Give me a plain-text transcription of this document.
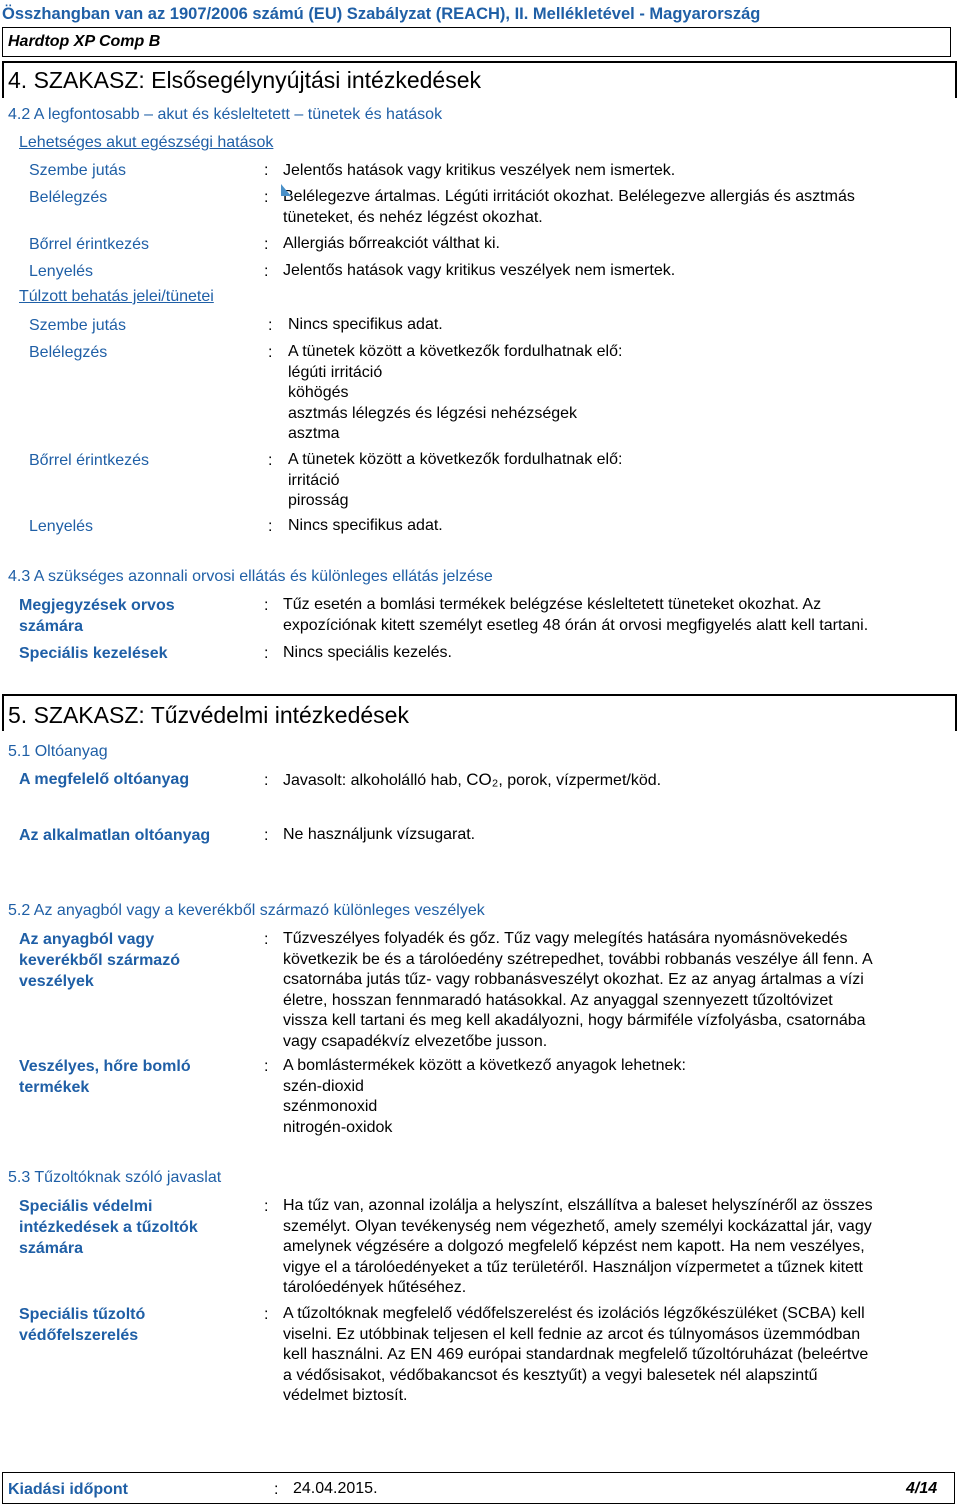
Összhangban van az 1907/2006 számú (EU) Szabályzat (REACH), II. Mellékletével - Magyarország
Hardtop XP Comp B
4. SZAKASZ: Elsősegélynyújtási intézkedések
4.2 A legfontosabb – akut és késleltetett – tünetek és hatások
Lehetséges akut egészségi hatások
Szembe jutás	: Jelentős hatások vagy kritikus veszélyek nem ismertek.
Belélegzés	: Belélegezve ártalmas. Légúti irritációt okozhat. Belélegezve allergiás és asztmás
tüneteket, és nehéz légzést okozhat.
Bőrrel érintkezés	: Allergiás bőrreakciót válthat ki.
Lenyelés	: Jelentős hatások vagy kritikus veszélyek nem ismertek.
Túlzott behatás jelei/tünetei
Szembe jutás	: Nincs specifikus adat.
Belélegzés	: A tünetek között a következők fordulhatnak elő:
légúti irritáció
köhögés
asztmás lélegzés és légzési nehézségek
asztma
Bőrrel érintkezés	: A tünetek között a következők fordulhatnak elő:
irritáció
pirosság
Lenyelés	: Nincs specifikus adat.
4.3 A szükséges azonnali orvosi ellátás és különleges ellátás jelzése
Megjegyzések orvos
számára
: Tűz esetén a bomlási termékek belégzése késleltetett tüneteket okozhat. Az
expozíciónak kitett személyt esetleg 48 órán át orvosi megfigyelés alatt kell tartani.
Speciális kezelések	: Nincs speciális kezelés.
5. SZAKASZ: Tűzvédelmi intézkedések
5.1 Oltóanyag
A megfelelő oltóanyag	: Javasolt: alkoholálló hab, CO₂, porok, vízpermet/köd.
Az alkalmatlan oltóanyag	: Ne használjunk vízsugarat.
5.2 Az anyagból vagy a keverékből származó különleges veszélyek
Az anyagból vagy
keverékből származó
veszélyek
: Tűzveszélyes folyadék és gőz. Tűz vagy melegítés hatására nyomásnövekedés
következik be és a tárolóedény szétrepedhet, további robbanás veszélye áll fenn. A
csatornába jutás tűz- vagy robbanásveszélyt okozhat. Ez az anyag ártalmas a vízi
életre, hosszan fennmaradó hatásokkal. Az anyaggal szennyezett tűzoltóvizet
vissza kell tartani és meg kell akadályozni, hogy bármiféle vízfolyásba, csatornába
vagy csapadékvíz elvezetőbe jusson.
Veszélyes, hőre bomló
termékek
: A bomlástermékek között a következő anyagok lehetnek:
szén-dioxid
szénmonoxid
nitrogén-oxidok
5.3 Tűzoltóknak szóló javaslat
Speciális védelmi
intézkedések a tűzoltók
számára
: Ha tűz van, azonnal izolálja a helyszínt, elszállítva a baleset helyszínéről az összes
személyt. Olyan tevékenység nem végezhető, amely személyi kockázattal jár, vagy
amelynek végzésére a dolgozó megfelelő képzést nem kapott. Ha nem veszélyes,
vigye el a tárolóedényeket a tűz területéről. Használjon vízpermetet a tűznek kitett
tárolóedények hűtéséhez.
Speciális tűzoltó
védőfelszerelés
: A tűzoltóknak megfelelő védőfelszerelést és izolációs légzőkészüléket (SCBA) kell
viselni. Ez utóbbinak teljesen el kell fednie az arcot és túlnyomásos üzemmódban
kell használni. Az EN 469 európai standardnak megfelelő tűzoltóruházat (beleértve
a védősisakot, védőbakancsot és kesztyűt) a vegyi balesetek nél alapszintű
védelmet biztosít.
Kiadási időpont	: 24.04.2015.	4/14
